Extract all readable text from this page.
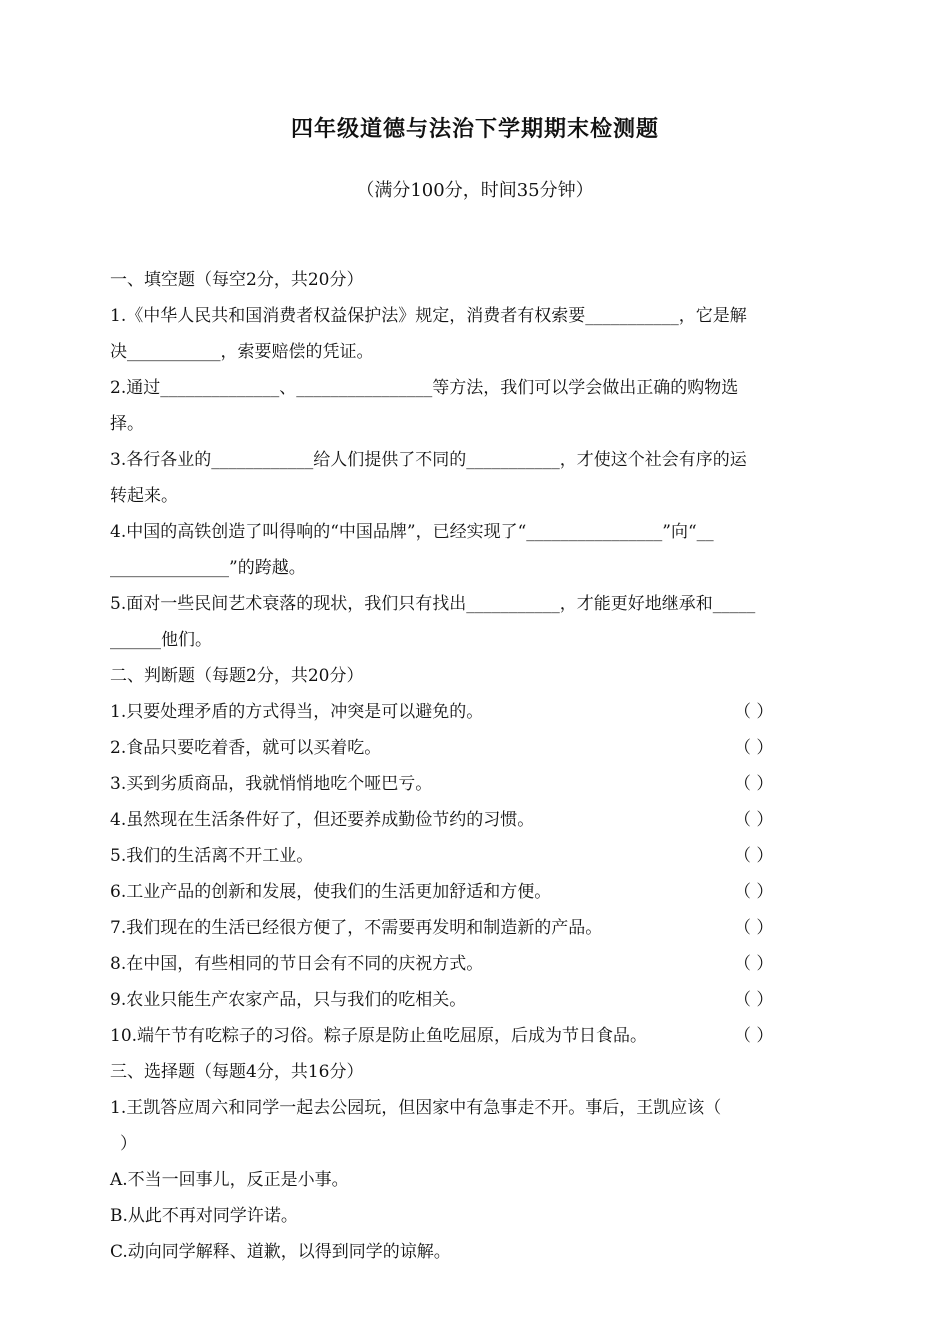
四年级道德与法治下学期期末检测题
（满分100分，时间35分钟）
一、填空题（每空2分，共20分）
1.《中华人民共和国消费者权益保护法》规定，消费者有权索要___________，它是解
决___________，索要赔偿的凭证。
2.通过______________、________________等方法，我们可以学会做出正确的购物选
择。
3.各行各业的____________给人们提供了不同的___________，才使这个社会有序的运
转起来。
4.中国的高铁创造了叫得响的“中国品牌”，已经实现了“________________”向“__
______________”的跨越。
5.面对一些民间艺术衰落的现状，我们只有找出___________，才能更好地继承和_____
______他们。
二、判断题（每题2分，共20分）
1.只要处理矛盾的方式得当，冲突是可以避免的。	（ ）
2.食品只要吃着香，就可以买着吃。	（ ）
3.买到劣质商品，我就悄悄地吃个哑巴亏。	（ ）
4.虽然现在生活条件好了，但还要养成勤俭节约的习惯。	（ ）
5.我们的生活离不开工业。	（ ）
6.工业产品的创新和发展，使我们的生活更加舒适和方便。	（ ）
7.我们现在的生活已经很方便了，不需要再发明和制造新的产品。	（ ）
8.在中国，有些相同的节日会有不同的庆祝方式。	（ ）
9.农业只能生产农家产品，只与我们的吃相关。	（ ）
10.端午节有吃粽子的习俗。粽子原是防止鱼吃屈原，后成为节日食品。	（ ）
三、选择题（每题4分，共16分）
1.王凯答应周六和同学一起去公园玩，但因家中有急事走不开。事后，王凯应该（
）
A.不当一回事儿，反正是小事。
B.从此不再对同学许诺。
C.动向同学解释、道歉，以得到同学的谅解。
